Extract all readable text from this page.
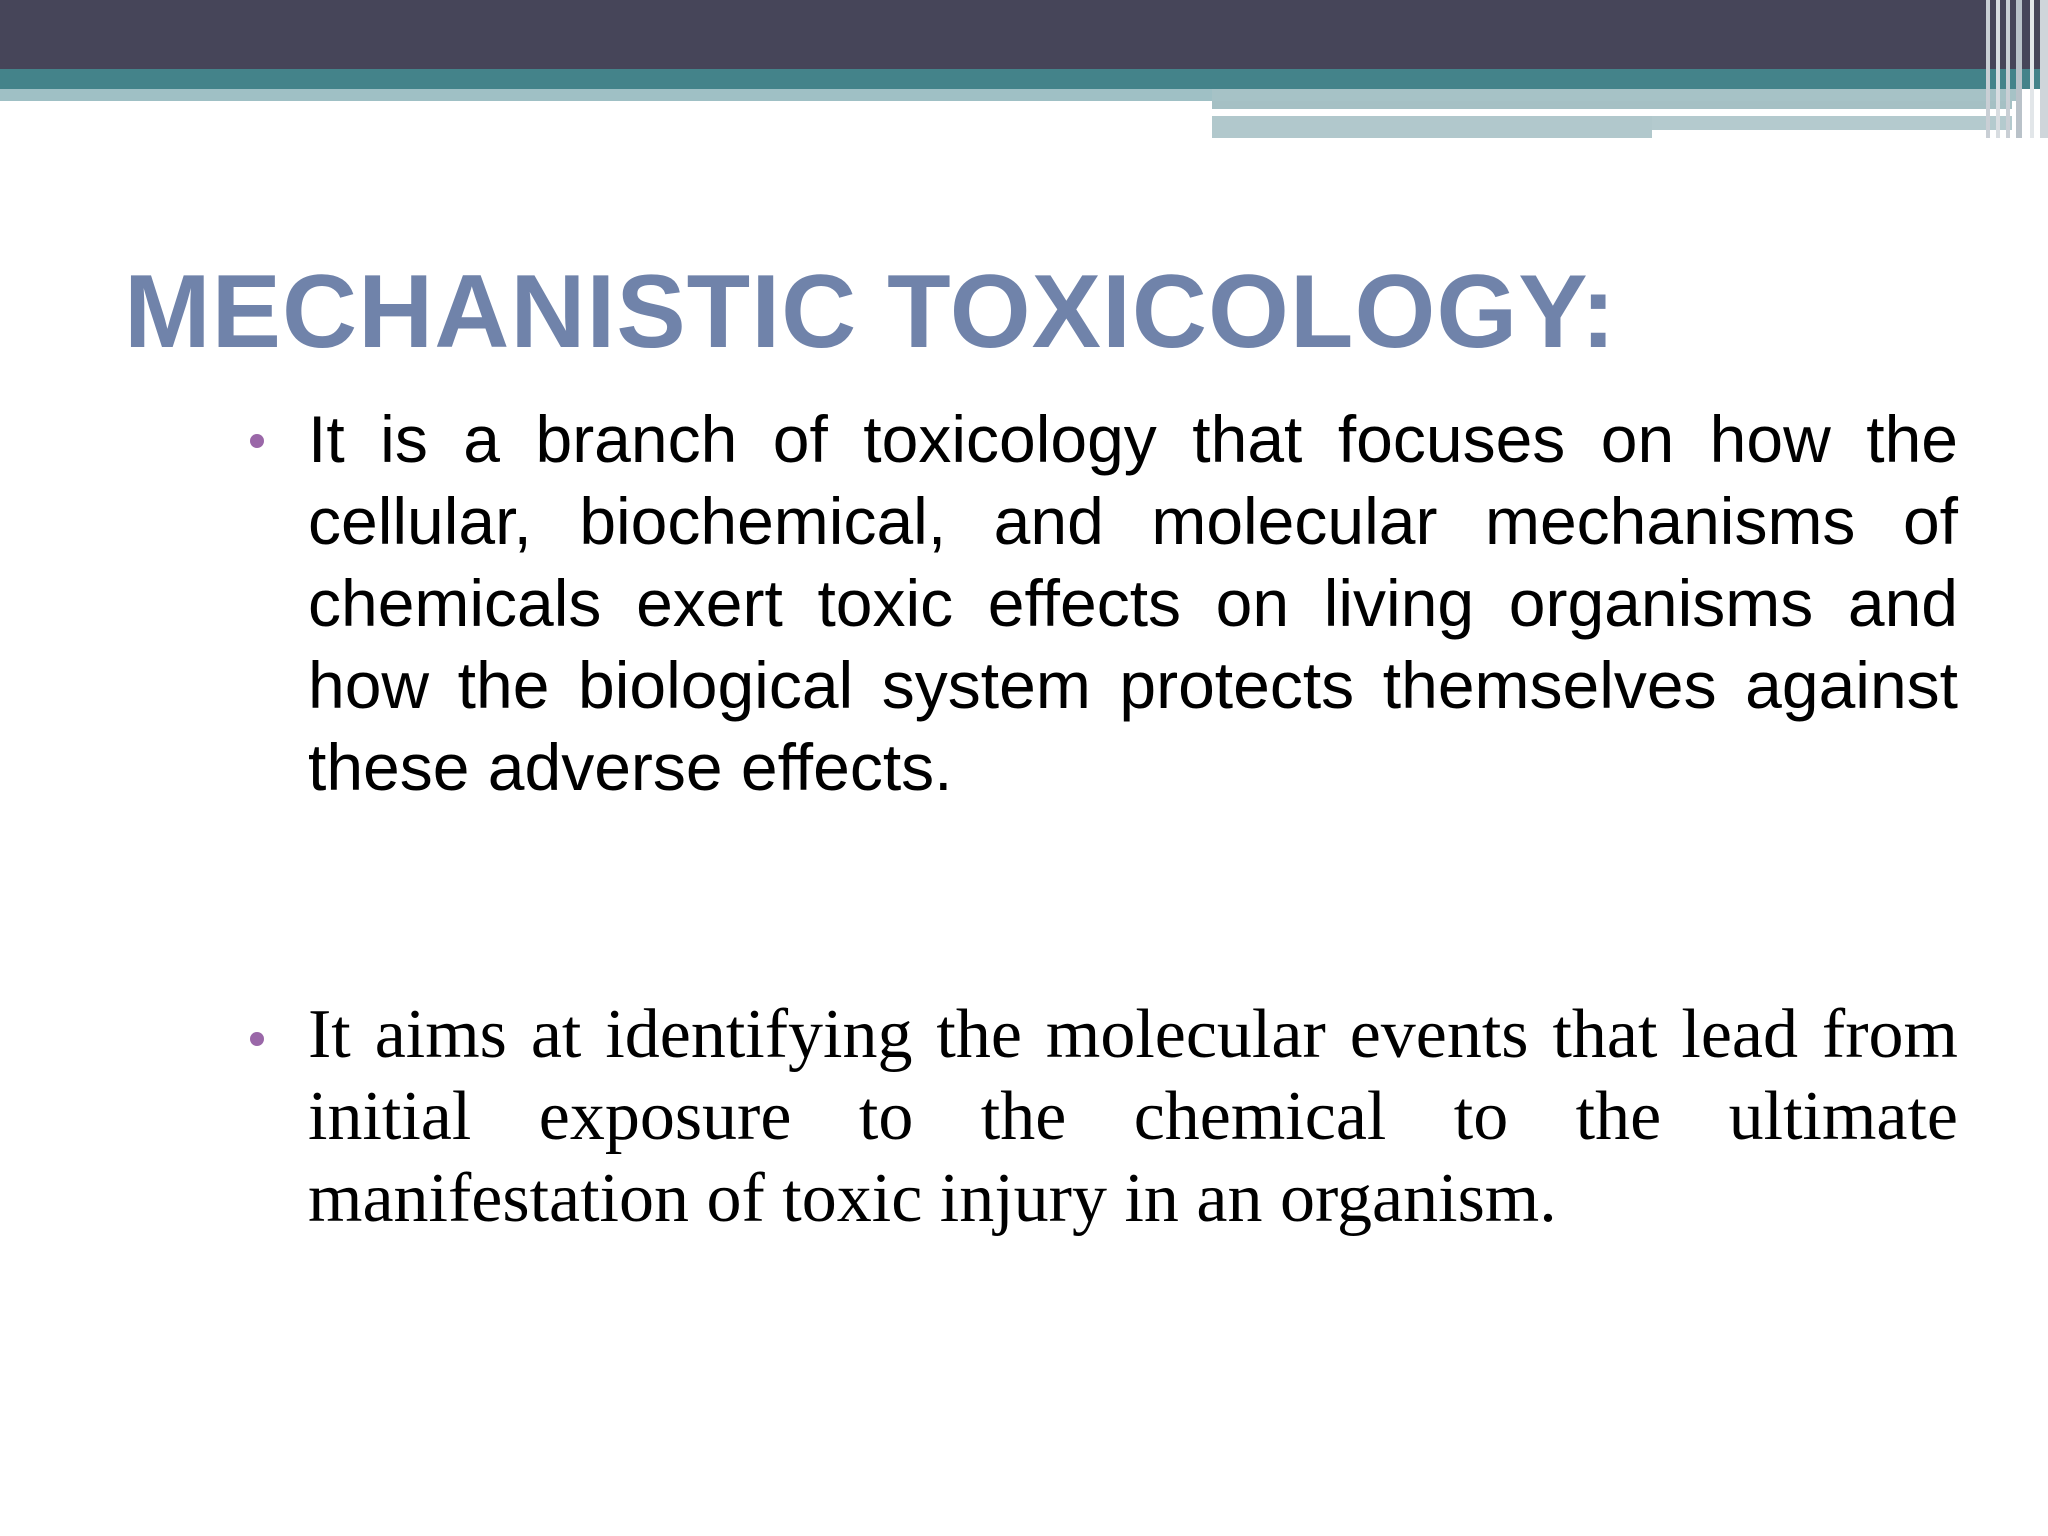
MECHANISTIC TOXICOLOGY:

It is a branch of toxicology that focuses on how the cellular, biochemical, and molecular mechanisms of chemicals exert toxic effects on living organisms and how the biological system protects themselves against these adverse effects.

It aims at identifying the molecular events that lead from initial exposure to the chemical to the ultimate manifestation of toxic injury in an organism.
